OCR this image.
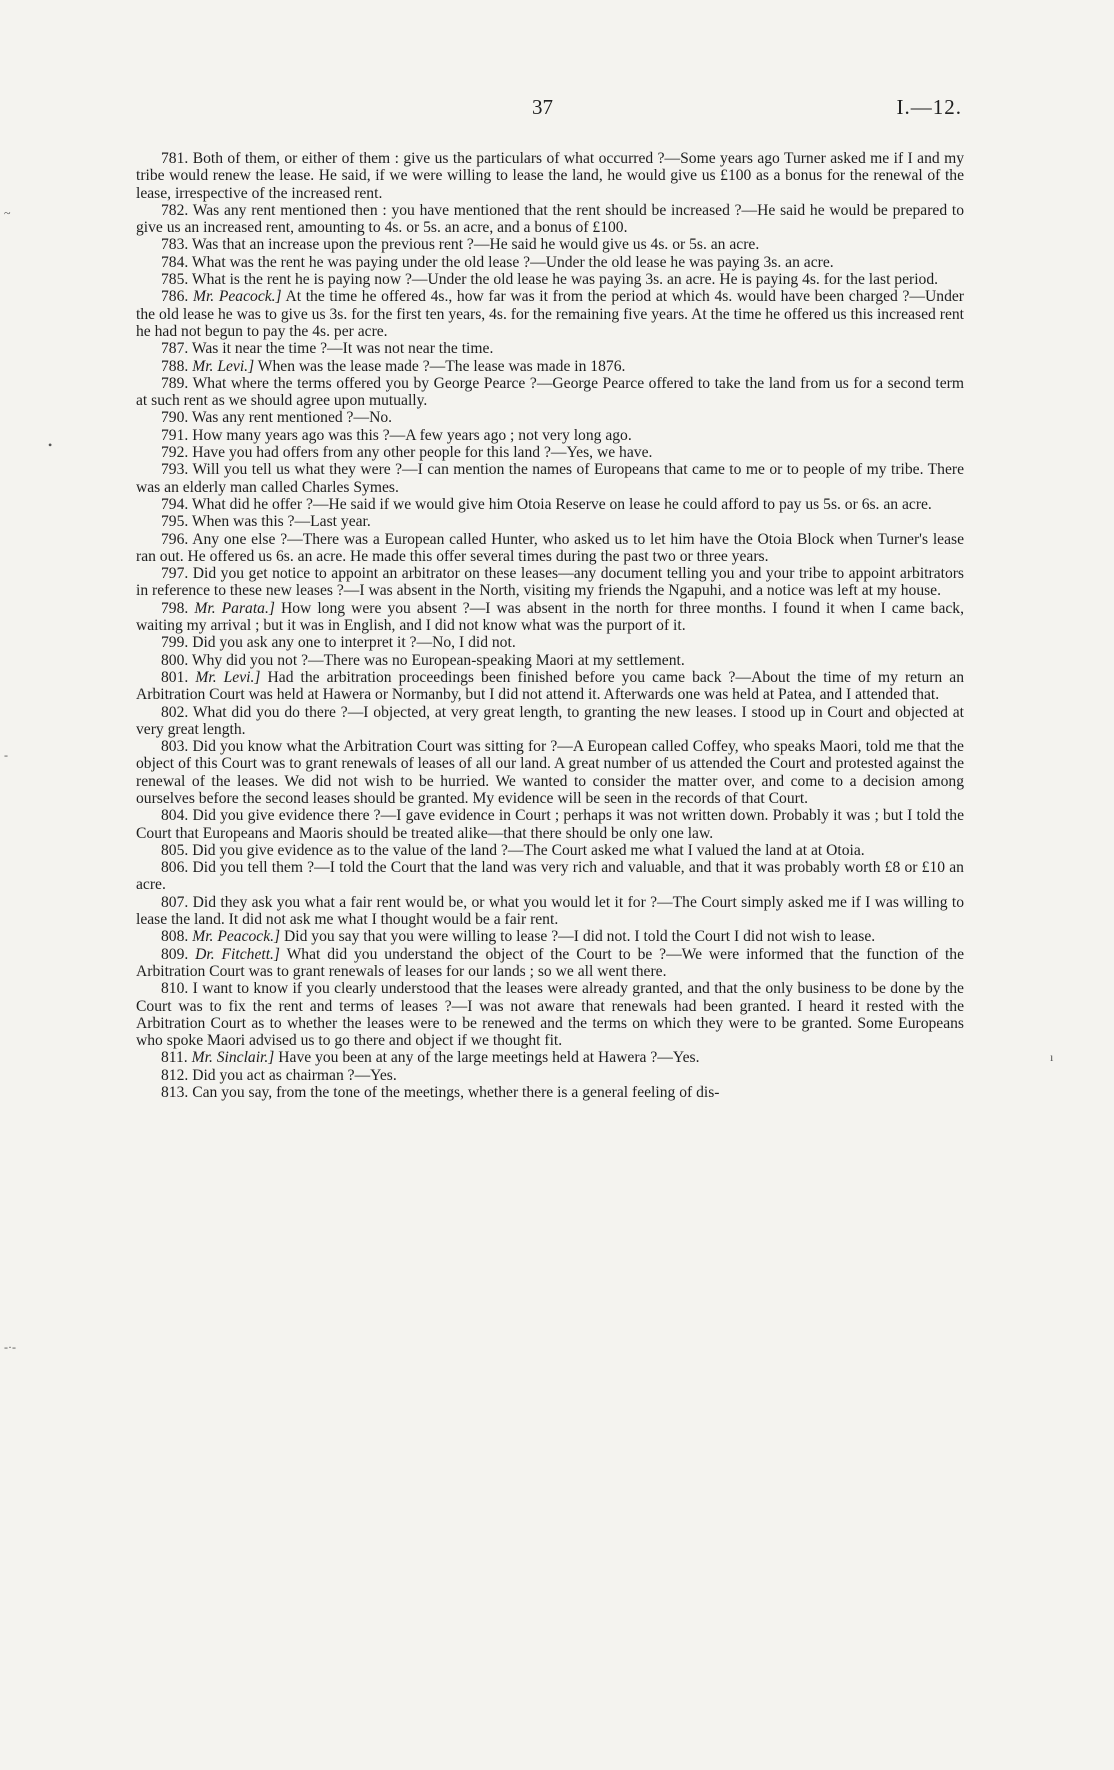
37	I.—12.

781. Both of them, or either of them : give us the particulars of what occurred ?—Some years ago Turner asked me if I and my tribe would renew the lease. He said, if we were willing to lease the land, he would give us £100 as a bonus for the renewal of the lease, irrespective of the increased rent.

782. Was any rent mentioned then : you have mentioned that the rent should be increased ?—He said he would be prepared to give us an increased rent, amounting to 4s. or 5s. an acre, and a bonus of £100.

783. Was that an increase upon the previous rent ?—He said he would give us 4s. or 5s. an acre.

784. What was the rent he was paying under the old lease ?—Under the old lease he was paying 3s. an acre.

785. What is the rent he is paying now ?—Under the old lease he was paying 3s. an acre. He is paying 4s. for the last period.

786. Mr. Peacock.] At the time he offered 4s., how far was it from the period at which 4s. would have been charged ?—Under the old lease he was to give us 3s. for the first ten years, 4s. for the remaining five years. At the time he offered us this increased rent he had not begun to pay the 4s. per acre.

787. Was it near the time ?—It was not near the time.

788. Mr. Levi.] When was the lease made ?—The lease was made in 1876.

789. What where the terms offered you by George Pearce ?—George Pearce offered to take the land from us for a second term at such rent as we should agree upon mutually.

790. Was any rent mentioned ?—No.

791. How many years ago was this ?—A few years ago ; not very long ago.

792. Have you had offers from any other people for this land ?—Yes, we have.

793. Will you tell us what they were ?—I can mention the names of Europeans that came to me or to people of my tribe. There was an elderly man called Charles Symes.

794. What did he offer ?—He said if we would give him Otoia Reserve on lease he could afford to pay us 5s. or 6s. an acre.

795. When was this ?—Last year.

796. Any one else ?—There was a European called Hunter, who asked us to let him have the Otoia Block when Turner's lease ran out. He offered us 6s. an acre. He made this offer several times during the past two or three years.

797. Did you get notice to appoint an arbitrator on these leases—any document telling you and your tribe to appoint arbitrators in reference to these new leases ?—I was absent in the North, visiting my friends the Ngapuhi, and a notice was left at my house.

798. Mr. Parata.] How long were you absent ?—I was absent in the north for three months. I found it when I came back, waiting my arrival ; but it was in English, and I did not know what was the purport of it.

799. Did you ask any one to interpret it ?—No, I did not.

800. Why did you not ?—There was no European-speaking Maori at my settlement.

801. Mr. Levi.] Had the arbitration proceedings been finished before you came back ?—About the time of my return an Arbitration Court was held at Hawera or Normanby, but I did not attend it. Afterwards one was held at Patea, and I attended that.

802. What did you do there ?—I objected, at very great length, to granting the new leases. I stood up in Court and objected at very great length.

803. Did you know what the Arbitration Court was sitting for ?—A European called Coffey, who speaks Maori, told me that the object of this Court was to grant renewals of leases of all our land. A great number of us attended the Court and protested against the renewal of the leases. We did not wish to be hurried. We wanted to consider the matter over, and come to a decision among ourselves before the second leases should be granted. My evidence will be seen in the records of that Court.

804. Did you give evidence there ?—I gave evidence in Court ; perhaps it was not written down. Probably it was ; but I told the Court that Europeans and Maoris should be treated alike—that there should be only one law.

805. Did you give evidence as to the value of the land ?—The Court asked me what I valued the land at at Otoia.

806. Did you tell them ?—I told the Court that the land was very rich and valuable, and that it was probably worth £8 or £10 an acre.

807. Did they ask you what a fair rent would be, or what you would let it for ?—The Court simply asked me if I was willing to lease the land. It did not ask me what I thought would be a fair rent.

808. Mr. Peacock.] Did you say that you were willing to lease ?—I did not. I told the Court I did not wish to lease.

809. Dr. Fitchett.] What did you understand the object of the Court to be ?—We were informed that the function of the Arbitration Court was to grant renewals of leases for our lands ; so we all went there.

810. I want to know if you clearly understood that the leases were already granted, and that the only business to be done by the Court was to fix the rent and terms of leases ?—I was not aware that renewals had been granted. I heard it rested with the Arbitration Court as to whether the leases were to be renewed and the terms on which they were to be granted. Some Europeans who spoke Maori advised us to go there and object if we thought fit.

811. Mr. Sinclair.] Have you been at any of the large meetings held at Hawera ?—Yes.

812. Did you act as chairman ?—Yes.

813. Can you say, from the tone of the meetings, whether there is a general feeling of dis-

~
•
-
ı
-·-
